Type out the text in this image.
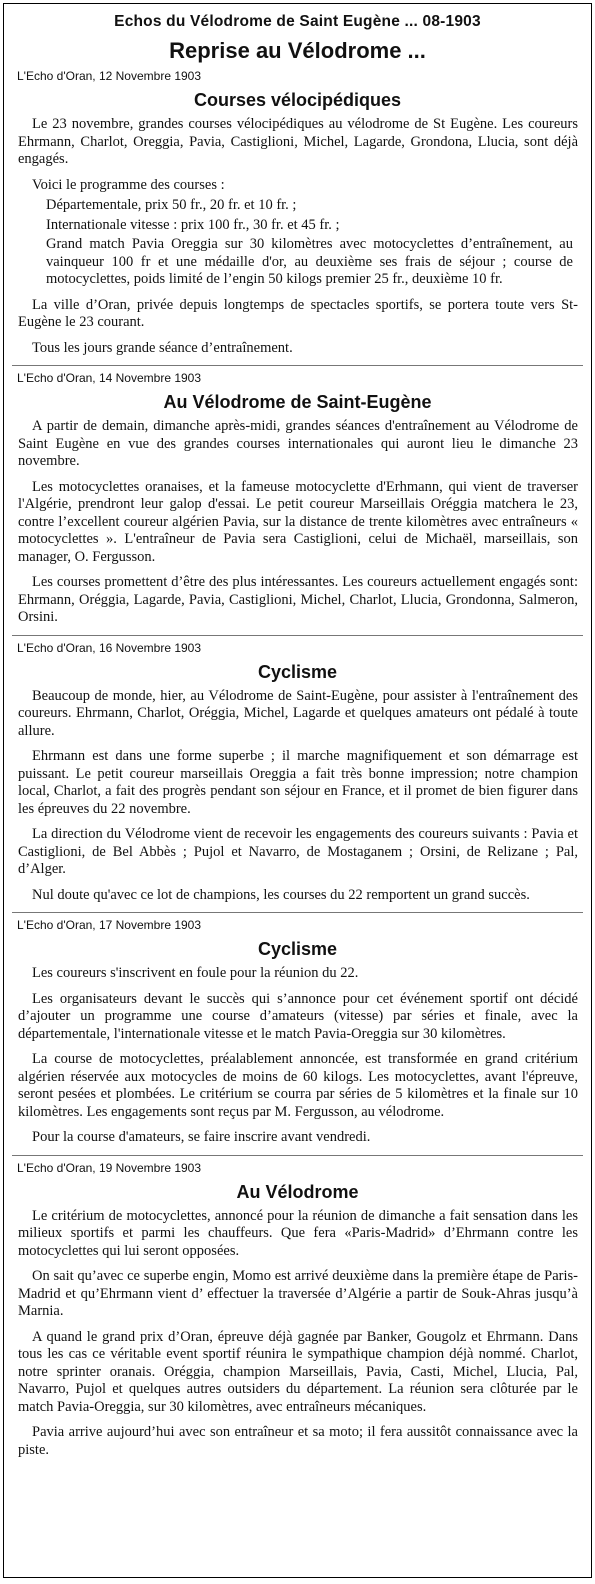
Echos du Vélodrome de Saint Eugène ... 08-1903
Reprise au Vélodrome ...
L'Echo d'Oran, 12 Novembre 1903
Courses vélocipédiques

Le 23 novembre, grandes courses vélocipédiques au vélodrome de St Eugène. Les coureurs Ehrmann, Charlot, Oreggia, Pavia, Castiglioni, Michel, Lagarde, Grondona, Llucia, sont déjà engagés.

Voici le programme des courses :

Départementale, prix 50 fr., 20 fr. et 10 fr. ;

Internationale vitesse : prix 100 fr., 30 fr. et 45 fr. ;

Grand match Pavia Oreggia sur 30 kilomètres avec motocyclettes d’entraînement, au vainqueur 100 fr et une médaille d'or, au deuxième ses frais de séjour ; course de motocyclettes, poids limité de l’engin 50 kilogs premier 25 fr., deuxième 10 fr.

La ville d’Oran, privée depuis longtemps de spectacles sportifs, se portera toute vers St-Eugène le 23 courant.

Tous les jours grande séance d’entraînement.

L'Echo d'Oran, 14 Novembre 1903
Au Vélodrome de Saint-Eugène

A partir de demain, dimanche après-midi, grandes séances d'entraînement au Vélodrome de Saint Eugène en vue des grandes courses internationales qui auront lieu le dimanche 23 novembre.

Les motocyclettes oranaises, et la fameuse motocyclette d'Erhmann, qui vient de traverser l'Algérie, prendront leur galop d'essai. Le petit coureur Marseillais Oréggia matchera le 23, contre l’excellent coureur algérien Pavia, sur la distance de trente kilomètres avec entraîneurs « motocyclettes ». L'entraîneur de Pavia sera Castiglioni, celui de Michaël, marseillais, son manager, O. Fergusson.

Les courses promettent d’être des plus intéressantes. Les coureurs actuellement engagés sont: Ehrmann, Oréggia, Lagarde, Pavia, Castiglioni, Michel, Charlot, Llucia, Grondonna, Salmeron, Orsini.

L'Echo d'Oran, 16 Novembre 1903
Cyclisme

Beaucoup de monde, hier, au Vélodrome de Saint-Eugène, pour assister à l'entraînement des coureurs. Ehrmann, Charlot, Oréggia, Michel, Lagarde et quelques amateurs ont pédalé à toute allure.

Ehrmann est dans une forme superbe ; il marche magnifiquement et son démarrage est puissant. Le petit coureur marseillais Oreggia a fait très bonne impression; notre champion local, Charlot, a fait des progrès pendant son séjour en France, et il promet de bien figurer dans les épreuves du 22 novembre.

La direction du Vélodrome vient de recevoir les engagements des coureurs suivants : Pavia et Castiglioni, de Bel Abbès ; Pujol et Navarro, de Mostaganem ; Orsini, de Relizane ; Pal, d’Alger.

Nul doute qu'avec ce lot de champions, les courses du 22 remportent un grand succès.

L'Echo d'Oran, 17 Novembre 1903
Cyclisme

Les coureurs s'inscrivent en foule pour la réunion du 22.

Les organisateurs devant le succès qui s’annonce pour cet événement sportif ont décidé d’ajouter un programme une course d’amateurs (vitesse) par séries et finale, avec la départementale, l'internationale vitesse et le match Pavia-Oreggia sur 30 kilomètres.

La course de motocyclettes, préalablement annoncée, est transformée en grand critérium algérien réservée aux motocycles de moins de 60 kilogs. Les motocyclettes, avant l'épreuve, seront pesées et plombées. Le critérium se courra par séries de 5 kilomètres et la finale sur 10 kilomètres. Les engagements sont reçus par M. Fergusson, au vélodrome.

Pour la course d'amateurs, se faire inscrire avant vendredi.

L'Echo d'Oran, 19 Novembre 1903
Au Vélodrome

Le critérium de motocyclettes, annoncé pour la réunion de dimanche a fait sensation dans les milieux sportifs et parmi les chauffeurs. Que fera «Paris-Madrid» d’Ehrmann contre les motocyclettes qui lui seront opposées.

On sait qu’avec ce superbe engin, Momo est arrivé deuxième dans la première étape de Paris-Madrid et qu’Ehrmann vient d’ effectuer la traversée d’Algérie a partir de Souk-Ahras jusqu’à Marnia.

A quand le grand prix d’Oran, épreuve déjà gagnée par Banker, Gougolz et Ehrmann. Dans tous les cas ce véritable event sportif réunira le sympathique champion déjà nommé. Charlot, notre sprinter oranais. Oréggia, champion Marseillais, Pavia, Casti, Michel, Llucia, Pal, Navarro, Pujol et quelques autres outsiders du département. La réunion sera clôturée par le match Pavia-Oreggia, sur 30 kilomètres, avec entraîneurs mécaniques.

Pavia arrive aujourd’hui avec son entraîneur et sa moto; il fera aussitôt connaissance avec la piste.
